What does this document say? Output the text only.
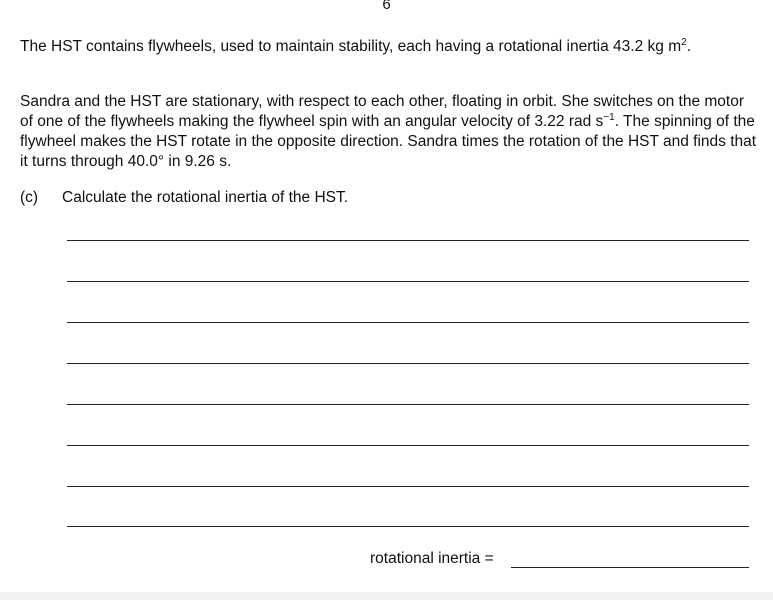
6

The HST contains flywheels, used to maintain stability, each having a rotational inertia 43.2 kg $m^2$.

Sandra and the HST are stationary, with respect to each other, floating in orbit. She switches on the motor of one of the flywheels making the flywheel spin with an angular velocity of 3.22 rad $s^{-1}$. The spinning of the flywheel makes the HST rotate in the opposite direction. Sandra times the rotation of the HST and finds that it turns through 40.0° in 9.26 s.

(c) Calculate the rotational inertia of the HST.
rotational inertia =
